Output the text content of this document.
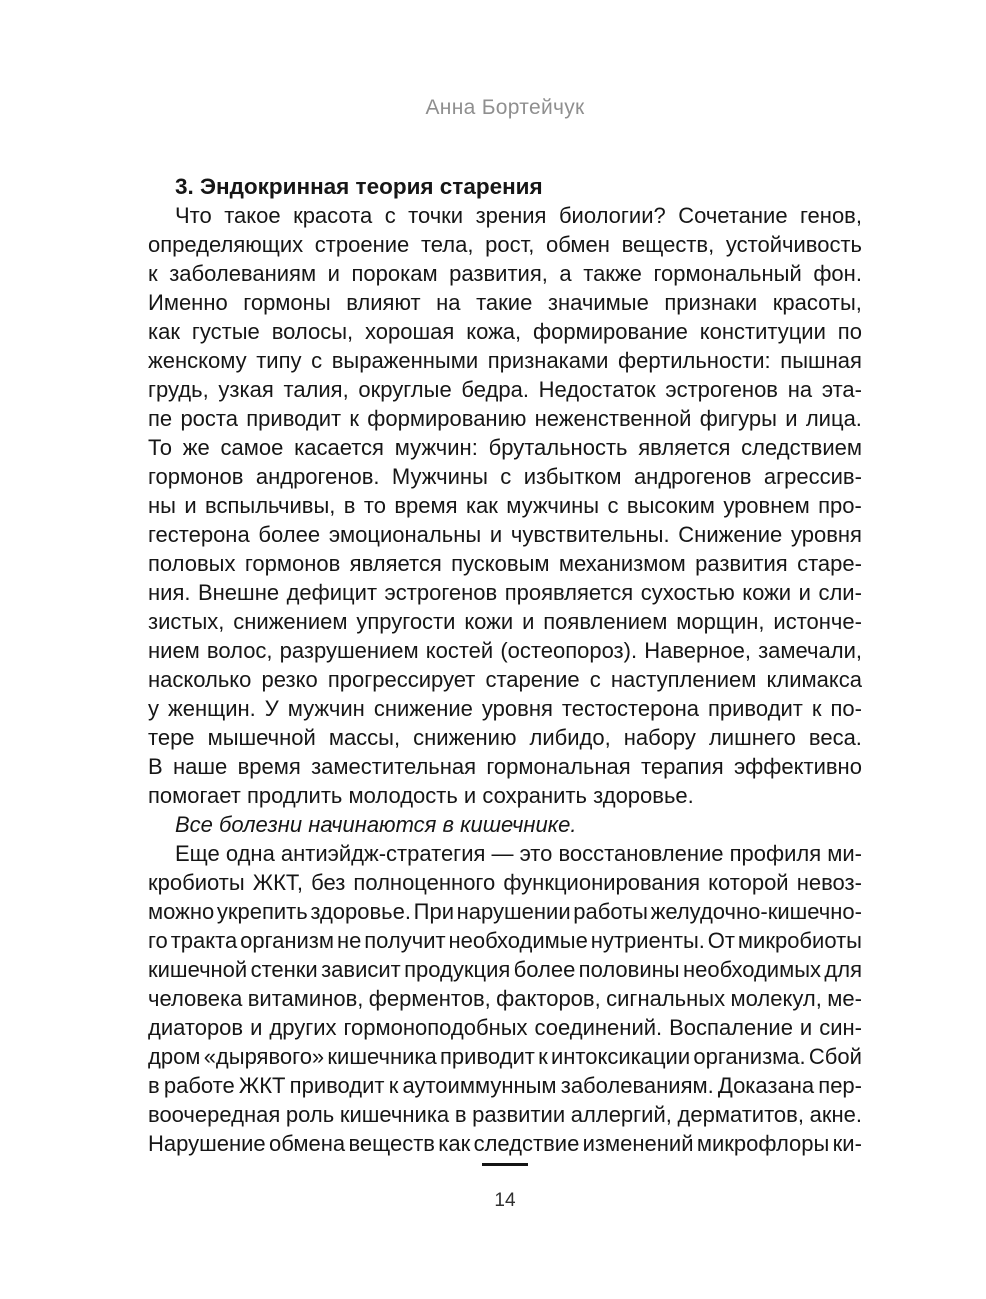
Анна Бортейчук
3. Эндокринная теория старения
Что такое красота с точки зрения биологии? Сочетание генов,
определяющих строение тела, рост, обмен веществ, устойчивость
к заболеваниям и порокам развития, а также гормональный фон.
Именно гормоны влияют на такие значимые признаки красоты,
как густые волосы, хорошая кожа, формирование конституции по
женскому типу с выраженными признаками фертильности: пышная
грудь, узкая талия, округлые бедра. Недостаток эстрогенов на эта-
пе роста приводит к формированию неженственной фигуры и лица.
То же самое касается мужчин: брутальность является следствием
гормонов андрогенов. Мужчины с избытком андрогенов агрессив-
ны и вспыльчивы, в то время как мужчины с высоким уровнем про-
гестерона более эмоциональны и чувствительны. Снижение уровня
половых гормонов является пусковым механизмом развития старе-
ния. Внешне дефицит эстрогенов проявляется сухостью кожи и сли-
зистых, снижением упругости кожи и появлением морщин, истонче-
нием волос, разрушением костей (остеопороз). Наверное, замечали,
насколько резко прогрессирует старение с наступлением климакса
у женщин. У мужчин снижение уровня тестостерона приводит к по-
тере мышечной массы, снижению либидо, набору лишнего веса.
В наше время заместительная гормональная терапия эффективно
помогает продлить молодость и сохранить здоровье.
Все болезни начинаются в кишечнике.
Еще одна антиэйдж-стратегия — это восстановление профиля ми-
кробиоты ЖКТ, без полноценного функционирования которой невоз-
можно укрепить здоровье. При нарушении работы желудочно-кишечно-
го тракта организм не получит необходимые нутриенты. От микробиоты
кишечной стенки зависит продукция более половины необходимых для
человека витаминов, ферментов, факторов, сигнальных молекул, ме-
диаторов и других гормоноподобных соединений. Воспаление и син-
дром «дырявого» кишечника приводит к интоксикации организма. Сбой
в работе ЖКТ приводит к аутоиммунным заболеваниям. Доказана пер-
воочередная роль кишечника в развитии аллергий, дерматитов, акне.
Нарушение обмена веществ как следствие изменений микрофлоры ки-
14
